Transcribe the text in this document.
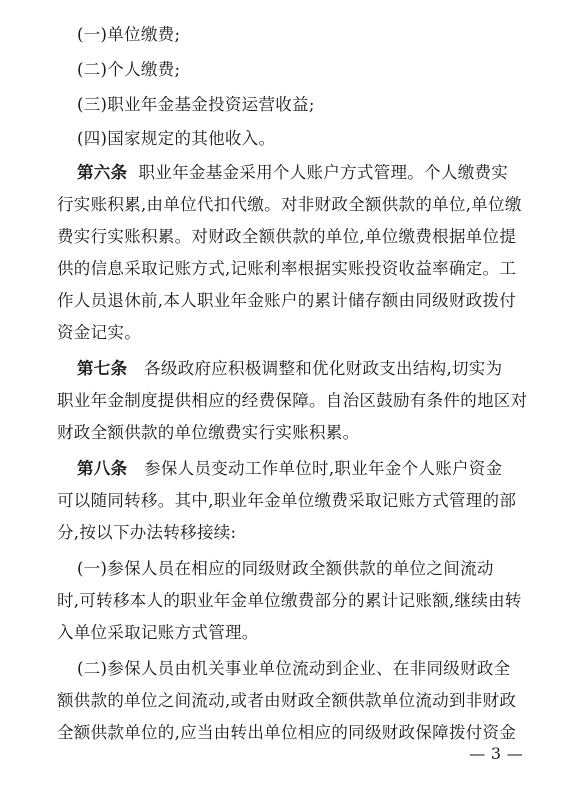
(一)单位缴费;
(二)个人缴费;
(三)职业年金基金投资运营收益;
(四)国家规定的其他收入。
第六条 职业年金基金采用个人账户方式管理。个人缴费实
行实账积累,由单位代扣代缴。对非财政全额供款的单位,单位缴
费实行实账积累。对财政全额供款的单位,单位缴费根据单位提
供的信息采取记账方式,记账利率根据实账投资收益率确定。工
作人员退休前,本人职业年金账户的累计储存额由同级财政拨付
资金记实。
第七条 各级政府应积极调整和优化财政支出结构,切实为
职业年金制度提供相应的经费保障。自治区鼓励有条件的地区对
财政全额供款的单位缴费实行实账积累。
第八条 参保人员变动工作单位时,职业年金个人账户资金
可以随同转移。其中,职业年金单位缴费采取记账方式管理的部
分,按以下办法转移接续:
(一)参保人员在相应的同级财政全额供款的单位之间流动
时,可转移本人的职业年金单位缴费部分的累计记账额,继续由转
入单位采取记账方式管理。
(二)参保人员由机关事业单位流动到企业、在非同级财政全
额供款的单位之间流动,或者由财政全额供款单位流动到非财政
全额供款单位的,应当由转出单位相应的同级财政保障拨付资金
— 3 —
